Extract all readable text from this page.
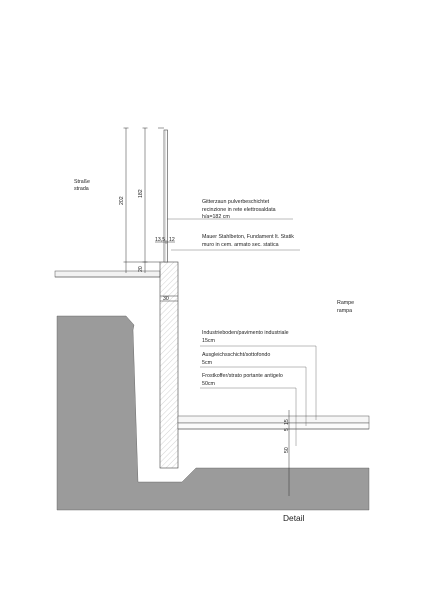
Straße
strada
Rampe
rampa
Gitterzaun pulverbeschichtet
recinzione in rete elettrosaldata
h/a=182 cm
Mauer Stahlbeton, Fundament lt. Statik
muro in cem. armato sec. statica
Industrieboden/pavimento industriale
15cm
Ausgleichsschicht/sottofondo
5cm
Frostkoffer/strato portante antigelo
50cm
202
182
20
30
13,5 12
15
5
50
Detail
